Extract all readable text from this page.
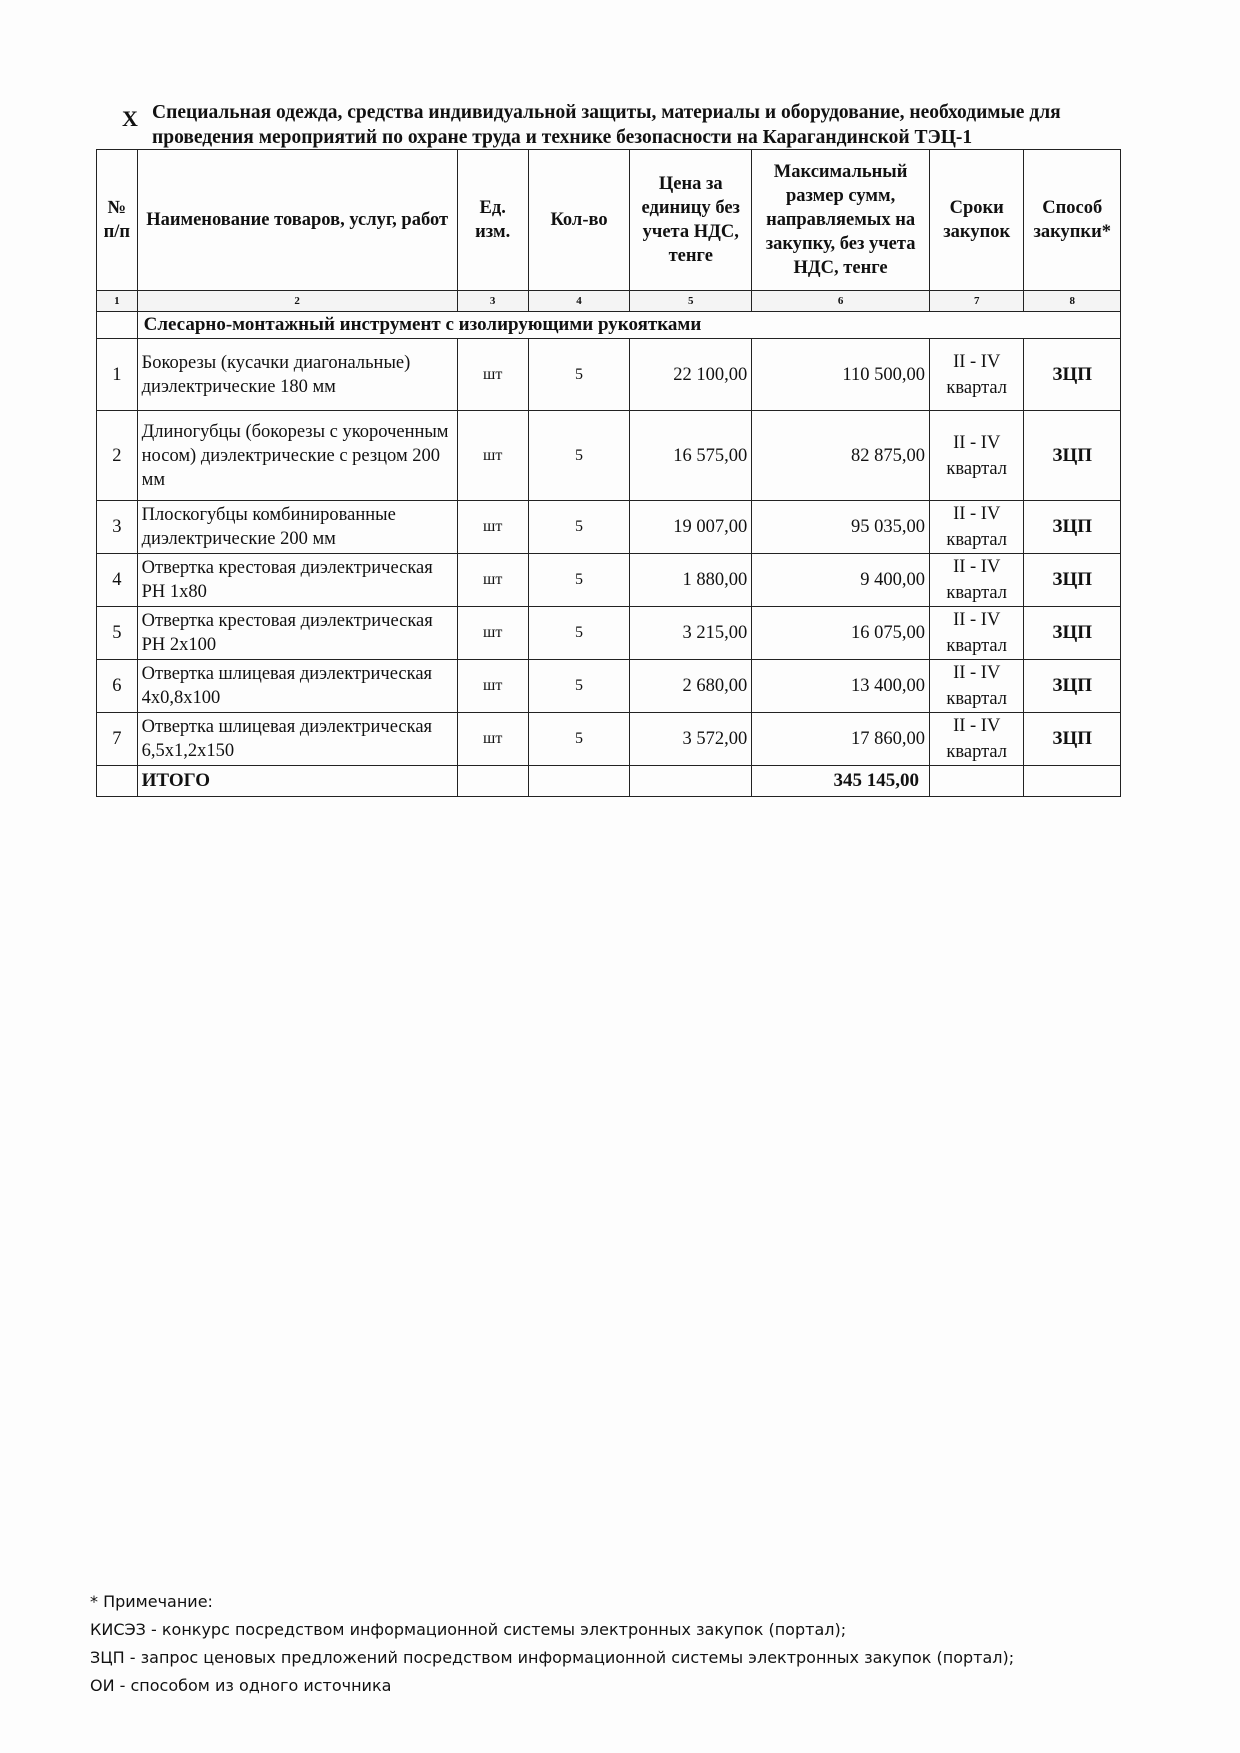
X Специальная одежда, средства индивидуальной защиты, материалы и оборудование, необходимые для проведения мероприятий по охране труда и технике безопасности на Карагандинской ТЭЦ-1
№ п/п	Наименование товаров, услуг, работ	Ед. изм.	Кол-во	Цена за единицу без учета НДС, тенге	Максимальный размер сумм, направляемых на закупку, без учета НДС, тенге	Сроки закупок	Способ закупки*
1	2	3	4	5	6	7	8
	Слесарно-монтажный инструмент с изолирующими рукоятками						
1	Бокорезы (кусачки диагональные) диэлектрические 180 мм	шт	5	22 100,00	110 500,00	II - IV квартал	ЗЦП
2	Длиногубцы (бокорезы с укороченным носом) диэлектрические с резцом 200 мм	шт	5	16 575,00	82 875,00	II - IV квартал	ЗЦП
3	Плоскогубцы комбинированные диэлектрические 200 мм	шт	5	19 007,00	95 035,00	II - IV квартал	ЗЦП
4	Отвертка крестовая диэлектрическая PH 1x80	шт	5	1 880,00	9 400,00	II - IV квартал	ЗЦП
5	Отвертка крестовая диэлектрическая PH 2x100	шт	5	3 215,00	16 075,00	II - IV квартал	ЗЦП
6	Отвертка шлицевая диэлектрическая 4х0,8х100	шт	5	2 680,00	13 400,00	II - IV квартал	ЗЦП
7	Отвертка шлицевая диэлектрическая 6,5х1,2х150	шт	5	3 572,00	17 860,00	II - IV квартал	ЗЦП
	ИТОГО				345 145,00		
* Примечание:
КИСЭЗ - конкурс посредством информационной системы электронных закупок (портал);
ЗЦП - запрос ценовых предложений посредством информационной системы электронных закупок (портал);
ОИ - способом из одного источника
